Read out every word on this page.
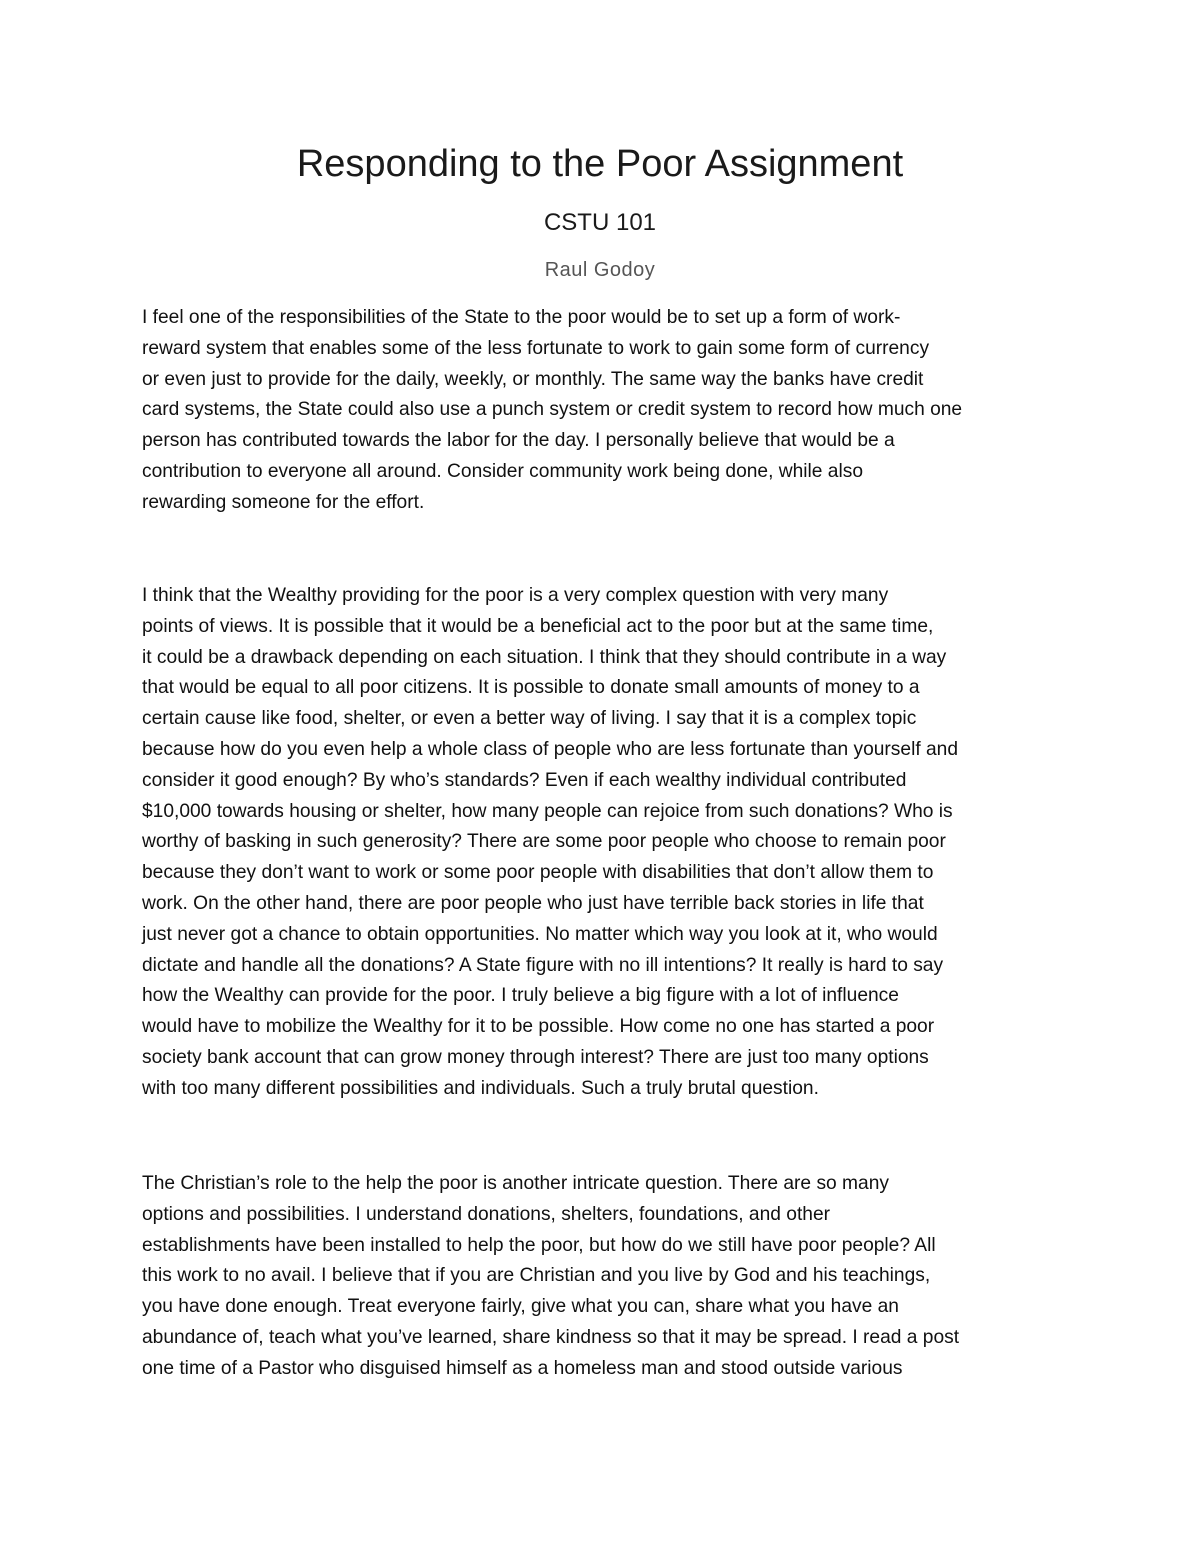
Responding to the Poor Assignment
CSTU 101
Raul Godoy

I feel one of the responsibilities of the State to the poor would be to set up a form of work-
reward system that enables some of the less fortunate to work to gain some form of currency
or even just to provide for the daily, weekly, or monthly. The same way the banks have credit
card systems, the State could also use a punch system or credit system to record how much one
person has contributed towards the labor for the day. I personally believe that would be a
contribution to everyone all around. Consider community work being done, while also
rewarding someone for the effort.

I think that the Wealthy providing for the poor is a very complex question with very many
points of views. It is possible that it would be a beneficial act to the poor but at the same time,
it could be a drawback depending on each situation. I think that they should contribute in a way
that would be equal to all poor citizens. It is possible to donate small amounts of money to a
certain cause like food, shelter, or even a better way of living. I say that it is a complex topic
because how do you even help a whole class of people who are less fortunate than yourself and
consider it good enough? By who’s standards? Even if each wealthy individual contributed
$10,000 towards housing or shelter, how many people can rejoice from such donations? Who is
worthy of basking in such generosity? There are some poor people who choose to remain poor
because they don’t want to work or some poor people with disabilities that don’t allow them to
work. On the other hand, there are poor people who just have terrible back stories in life that
just never got a chance to obtain opportunities. No matter which way you look at it, who would
dictate and handle all the donations? A State figure with no ill intentions? It really is hard to say
how the Wealthy can provide for the poor. I truly believe a big figure with a lot of influence
would have to mobilize the Wealthy for it to be possible. How come no one has started a poor
society bank account that can grow money through interest? There are just too many options
with too many different possibilities and individuals. Such a truly brutal question.

The Christian’s role to the help the poor is another intricate question. There are so many
options and possibilities. I understand donations, shelters, foundations, and other
establishments have been installed to help the poor, but how do we still have poor people? All
this work to no avail. I believe that if you are Christian and you live by God and his teachings,
you have done enough. Treat everyone fairly, give what you can, share what you have an
abundance of, teach what you’ve learned, share kindness so that it may be spread. I read a post
one time of a Pastor who disguised himself as a homeless man and stood outside various
